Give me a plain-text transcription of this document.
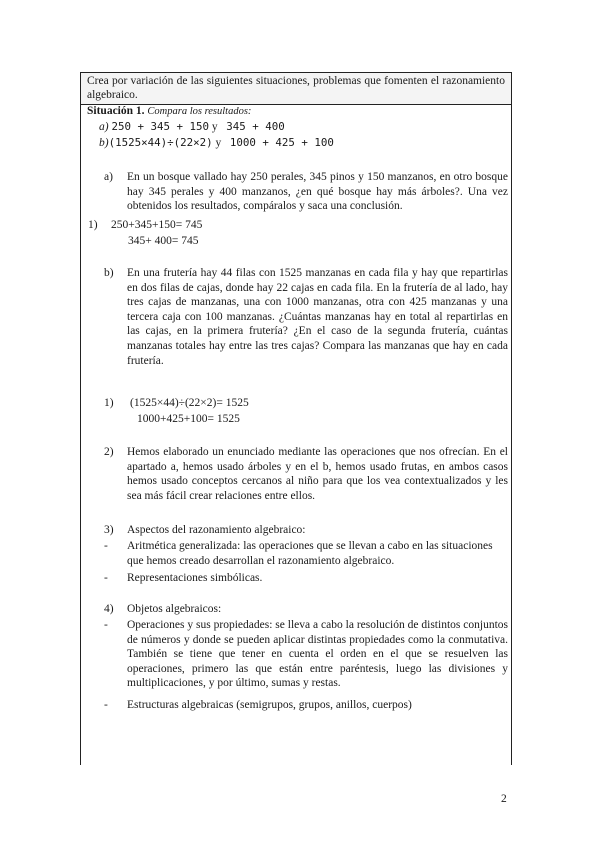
Crea por variación de las siguientes situaciones, problemas que fomenten el razonamiento algebraico.
Situación 1. Compara los resultados:
a) 250 + 345 + 150 y 345 + 400
b)(1525×44)÷(22×2) y 1000 + 425 + 100
a) En un bosque vallado hay 250 perales, 345 pinos y 150 manzanos, en otro bosque hay 345 perales y 400 manzanos, ¿en qué bosque hay más árboles?. Una vez obtenidos los resultados, compáralos y saca una conclusión.
1) 250+345+150= 745
345+ 400= 745
b) En una frutería hay 44 filas con 1525 manzanas en cada fila y hay que repartirlas en dos filas de cajas, donde hay 22 cajas en cada fila. En la frutería de al lado, hay tres cajas de manzanas, una con 1000 manzanas, otra con 425 manzanas y una tercera caja con 100 manzanas. ¿Cuántas manzanas hay en total al repartirlas en las cajas, en la primera frutería? ¿En el caso de la segunda frutería, cuántas manzanas totales hay entre las tres cajas? Compara las manzanas que hay en cada frutería.
1) (1525×44)÷(22×2)= 1525
1000+425+100= 1525
2) Hemos elaborado un enunciado mediante las operaciones que nos ofrecían. En el apartado a, hemos usado árboles y en el b, hemos usado frutas, en ambos casos hemos usado conceptos cercanos al niño para que los vea contextualizados y les sea más fácil crear relaciones entre ellos.
3) Aspectos del razonamiento algebraico:
- Aritmética generalizada: las operaciones que se llevan a cabo en las situaciones que hemos creado desarrollan el razonamiento algebraico.
- Representaciones simbólicas.
4) Objetos algebraicos:
- Operaciones y sus propiedades: se lleva a cabo la resolución de distintos conjuntos de números y donde se pueden aplicar distintas propiedades como la conmutativa. También se tiene que tener en cuenta el orden en el que se resuelven las operaciones, primero las que están entre paréntesis, luego las divisiones y multiplicaciones, y por último, sumas y restas.
- Estructuras algebraicas (semigrupos, grupos, anillos, cuerpos)
2
